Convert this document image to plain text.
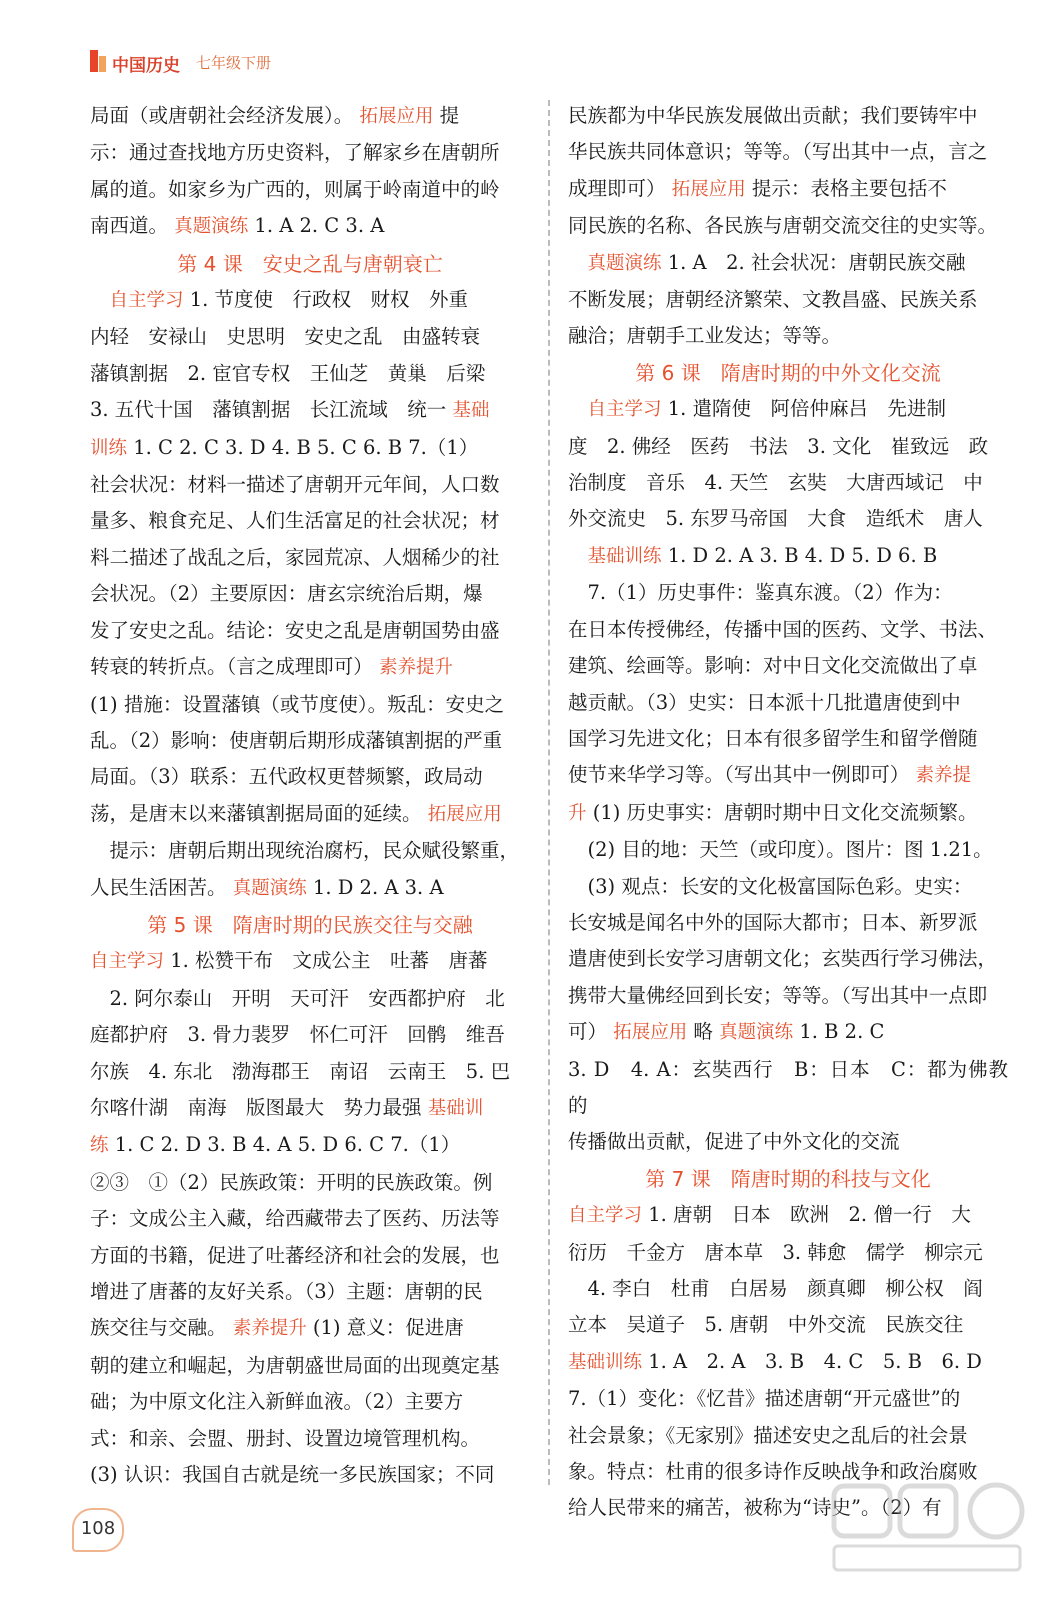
中国历史 七年级下册
局面（或唐朝社会经济发展）。 拓展应用 提
示：通过查找地方历史资料，了解家乡在唐朝所
属的道。如家乡为广西的，则属于岭南道中的岭
南西道。 真题演练 1. A 2. C 3. A
第 4 课　安史之乱与唐朝衰亡
　自主学习 1. 节度使　行政权　财权　外重
内轻　安禄山　史思明　安史之乱　由盛转衰
藩镇割据　2. 宦官专权　王仙芝　黄巢　后梁
3. 五代十国　藩镇割据　长江流域　统一 基础
训练 1. C 2. C 3. D 4. B 5. C 6. B 7.（1）
社会状况：材料一描述了唐朝开元年间，人口数
量多、粮食充足、人们生活富足的社会状况；材
料二描述了战乱之后，家园荒凉、人烟稀少的社
会状况。（2）主要原因：唐玄宗统治后期，爆
发了安史之乱。结论：安史之乱是唐朝国势由盛
转衰的转折点。（言之成理即可） 素养提升
(1) 措施：设置藩镇（或节度使）。叛乱：安史之
乱。（2）影响：使唐朝后期形成藩镇割据的严重
局面。（3）联系：五代政权更替频繁，政局动
荡，是唐末以来藩镇割据局面的延续。 拓展应用
　提示：唐朝后期出现统治腐朽，民众赋役繁重，
人民生活困苦。 真题演练 1. D 2. A 3. A
第 5 课　隋唐时期的民族交往与交融
自主学习 1. 松赞干布　文成公主　吐蕃　唐蕃
　2. 阿尔泰山　开明　天可汗　安西都护府　北
庭都护府　3. 骨力裴罗　怀仁可汗　回鹘　维吾
尔族　4. 东北　渤海郡王　南诏　云南王　5. 巴
尔喀什湖　南海　版图最大　势力最强 基础训
练 1. C 2. D 3. B 4. A 5. D 6. C 7.（1）
②③　①（2）民族政策：开明的民族政策。例
子：文成公主入藏，给西藏带去了医药、历法等
方面的书籍，促进了吐蕃经济和社会的发展，也
增进了唐蕃的友好关系。（3）主题：唐朝的民
族交往与交融。 素养提升 (1) 意义：促进唐
朝的建立和崛起，为唐朝盛世局面的出现奠定基
础；为中原文化注入新鲜血液。（2）主要方
式：和亲、会盟、册封、设置边境管理机构。
(3) 认识：我国自古就是统一多民族国家；不同
民族都为中华民族发展做出贡献；我们要铸牢中
华民族共同体意识；等等。（写出其中一点，言之
成理即可） 拓展应用 提示：表格主要包括不
同民族的名称、各民族与唐朝交流交往的史实等。
　真题演练 1. A　2. 社会状况：唐朝民族交融
不断发展；唐朝经济繁荣、文教昌盛、民族关系
融洽；唐朝手工业发达；等等。
第 6 课　隋唐时期的中外文化交流
　自主学习 1. 遣隋使　阿倍仲麻吕　先进制
度　2. 佛经　医药　书法　3. 文化　崔致远　政
治制度　音乐　4. 天竺　玄奘　大唐西域记　中
外交流史　5. 东罗马帝国　大食　造纸术　唐人
　基础训练 1. D 2. A 3. B 4. D 5. D 6. B
　7.（1）历史事件：鉴真东渡。（2）作为：
在日本传授佛经，传播中国的医药、文学、书法、
建筑、绘画等。影响：对中日文化交流做出了卓
越贡献。（3）史实：日本派十几批遣唐使到中
国学习先进文化；日本有很多留学生和留学僧随
使节来华学习等。（写出其中一例即可） 素养提
升 (1) 历史事实：唐朝时期中日文化交流频繁。
　(2) 目的地：天竺（或印度）。图片：图 1.21。
　(3) 观点：长安的文化极富国际色彩。史实：
长安城是闻名中外的国际大都市；日本、新罗派
遣唐使到长安学习唐朝文化；玄奘西行学习佛法，
携带大量佛经回到长安；等等。（写出其中一点即
可） 拓展应用 略 真题演练 1. B 2. C
3. D　4. A：玄奘西行　B：日本　C：都为佛教的
传播做出贡献，促进了中外文化的交流
第 7 课　隋唐时期的科技与文化
自主学习 1. 唐朝　日本　欧洲　2. 僧一行　大
衍历　千金方　唐本草　3. 韩愈　儒学　柳宗元
　4. 李白　杜甫　白居易　颜真卿　柳公权　阎
立本　吴道子　5. 唐朝　中外交流　民族交往
基础训练 1. A　2. A　3. B　4. C　5. B　6. D
7.（1）变化：《忆昔》描述唐朝“开元盛世”的
社会景象；《无家别》描述安史之乱后的社会景
象。特点：杜甫的很多诗作反映战争和政治腐败
给人民带来的痛苦，被称为“诗史”。（2）有
108
